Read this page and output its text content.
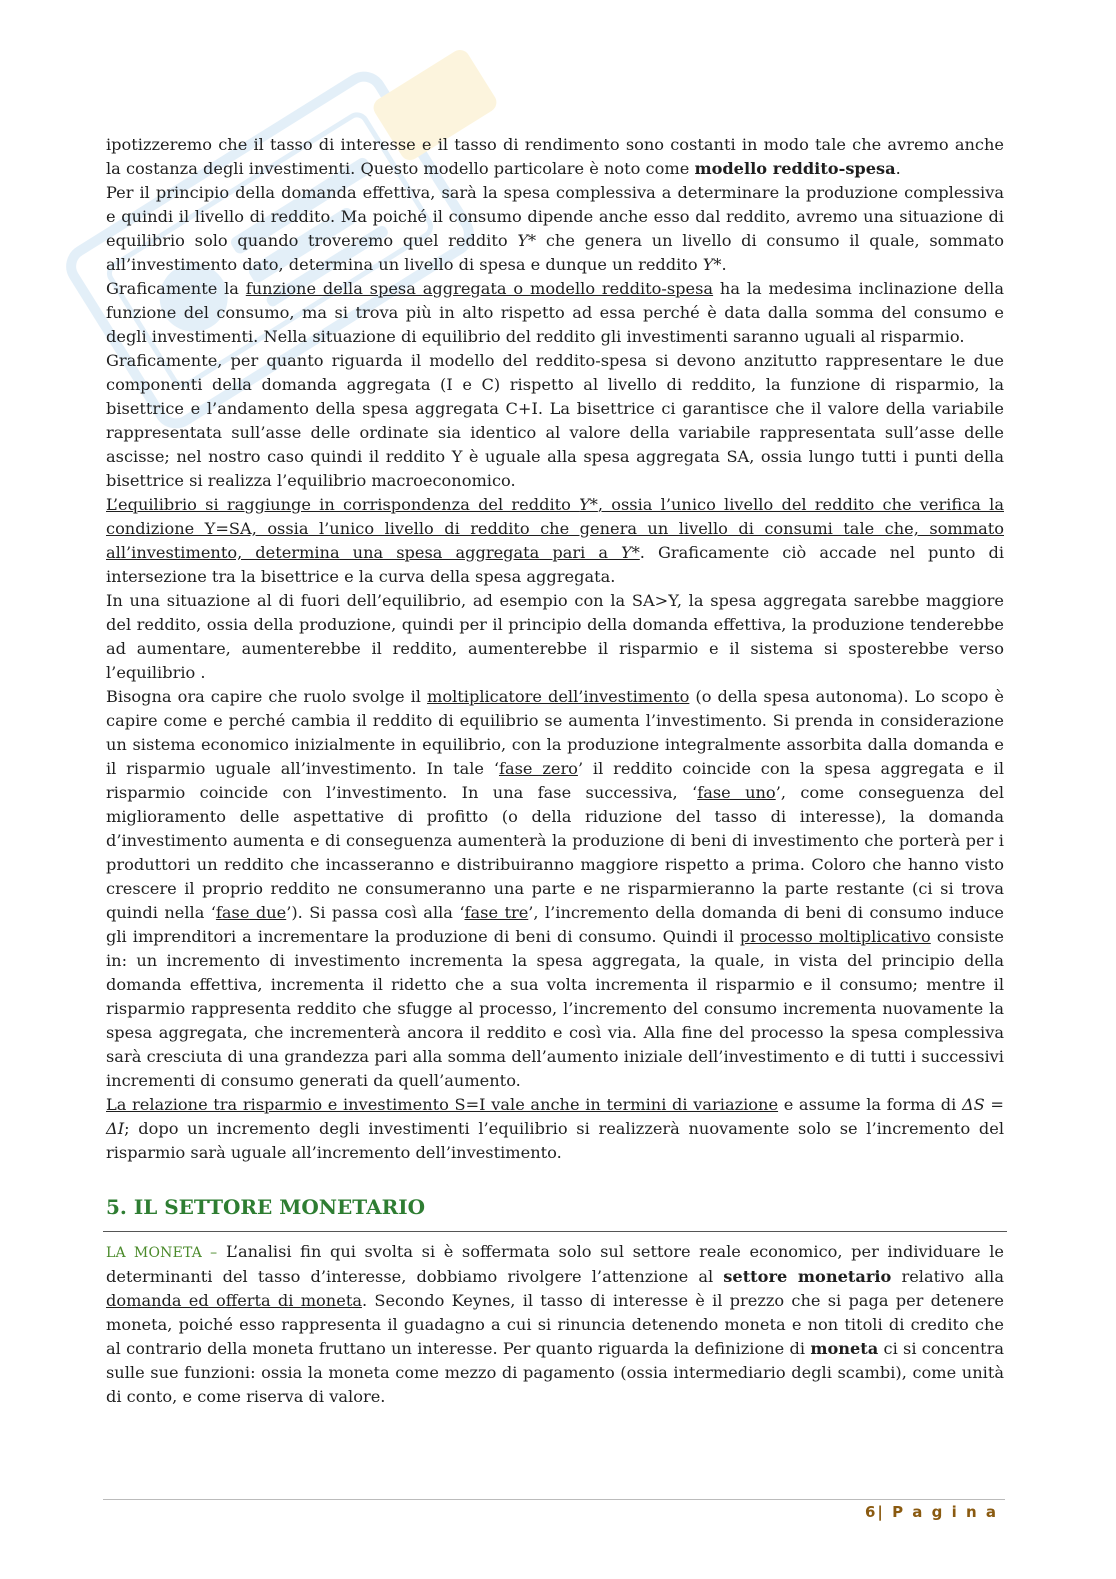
ipotizzeremo che il tasso di interesse e il tasso di rendimento sono costanti in modo tale che avremo anche la costanza degli investimenti. Questo modello particolare è noto come modello reddito-spesa.

Per il principio della domanda effettiva, sarà la spesa complessiva a determinare la produzione complessiva e quindi il livello di reddito. Ma poiché il consumo dipende anche esso dal reddito, avremo una situazione di equilibrio solo quando troveremo quel reddito Y* che genera un livello di consumo il quale, sommato all’investimento dato, determina un livello di spesa e dunque un reddito Y*.

Graficamente la funzione della spesa aggregata o modello reddito-spesa ha la medesima inclinazione della funzione del consumo, ma si trova più in alto rispetto ad essa perché è data dalla somma del consumo e degli investimenti. Nella situazione di equilibrio del reddito gli investimenti saranno uguali al risparmio.

Graficamente, per quanto riguarda il modello del reddito-spesa si devono anzitutto rappresentare le due componenti della domanda aggregata (I e C) rispetto al livello di reddito, la funzione di risparmio, la bisettrice e l’andamento della spesa aggregata C+I. La bisettrice ci garantisce che il valore della variabile rappresentata sull’asse delle ordinate sia identico al valore della variabile rappresentata sull’asse delle ascisse; nel nostro caso quindi il reddito Y è uguale alla spesa aggregata SA, ossia lungo tutti i punti della bisettrice si realizza l’equilibrio macroeconomico.

L’equilibrio si raggiunge in corrispondenza del reddito Y*, ossia l’unico livello del reddito che verifica la condizione Y=SA, ossia l’unico livello di reddito che genera un livello di consumi tale che, sommato all’investimento, determina una spesa aggregata pari a Y*. Graficamente ciò accade nel punto di intersezione tra la bisettrice e la curva della spesa aggregata.

In una situazione al di fuori dell’equilibrio, ad esempio con la SA>Y, la spesa aggregata sarebbe maggiore del reddito, ossia della produzione, quindi per il principio della domanda effettiva, la produzione tenderebbe ad aumentare, aumenterebbe il reddito, aumenterebbe il risparmio e il sistema si sposterebbe verso l’equilibrio .

Bisogna ora capire che ruolo svolge il moltiplicatore dell’investimento (o della spesa autonoma). Lo scopo è capire come e perché cambia il reddito di equilibrio se aumenta l’investimento. Si prenda in considerazione un sistema economico inizialmente in equilibrio, con la produzione integralmente assorbita dalla domanda e il risparmio uguale all’investimento. In tale ‘fase zero’ il reddito coincide con la spesa aggregata e il risparmio coincide con l’investimento. In una fase successiva, ‘fase uno’, come conseguenza del miglioramento delle aspettative di profitto (o della riduzione del tasso di interesse), la domanda d’investimento aumenta e di conseguenza aumenterà la produzione di beni di investimento che porterà per i produttori un reddito che incasseranno e distribuiranno maggiore rispetto a prima. Coloro che hanno visto crescere il proprio reddito ne consumeranno una parte e ne risparmieranno la parte restante (ci si trova quindi nella ‘fase due’). Si passa così alla ‘fase tre’, l’incremento della domanda di beni di consumo induce gli imprenditori a incrementare la produzione di beni di consumo. Quindi il processo moltiplicativo consiste in: un incremento di investimento incrementa la spesa aggregata, la quale, in vista del principio della domanda effettiva, incrementa il ridetto che a sua volta incrementa il risparmio e il consumo; mentre il risparmio rappresenta reddito che sfugge al processo, l’incremento del consumo incrementa nuovamente la spesa aggregata, che incrementerà ancora il reddito e così via. Alla fine del processo la spesa complessiva sarà cresciuta di una grandezza pari alla somma dell’aumento iniziale dell’investimento e di tutti i successivi incrementi di consumo generati da quell’aumento.

La relazione tra risparmio e investimento S=I vale anche in termini di variazione e assume la forma di ΔS = ΔI; dopo un incremento degli investimenti l’equilibrio si realizzerà nuovamente solo se l’incremento del risparmio sarà uguale all’incremento dell’investimento.

5. IL SETTORE MONETARIO

LA MONETA – L’analisi fin qui svolta si è soffermata solo sul settore reale economico, per individuare le determinanti del tasso d’interesse, dobbiamo rivolgere l’attenzione al settore monetario relativo alla domanda ed offerta di moneta. Secondo Keynes, il tasso di interesse è il prezzo che si paga per detenere moneta, poiché esso rappresenta il guadagno a cui si rinuncia detenendo moneta e non titoli di credito che al contrario della moneta fruttano un interesse. Per quanto riguarda la definizione di moneta ci si concentra sulle sue funzioni: ossia la moneta come mezzo di pagamento (ossia intermediario degli scambi), come unità di conto, e come riserva di valore.

6| P a g i n a
